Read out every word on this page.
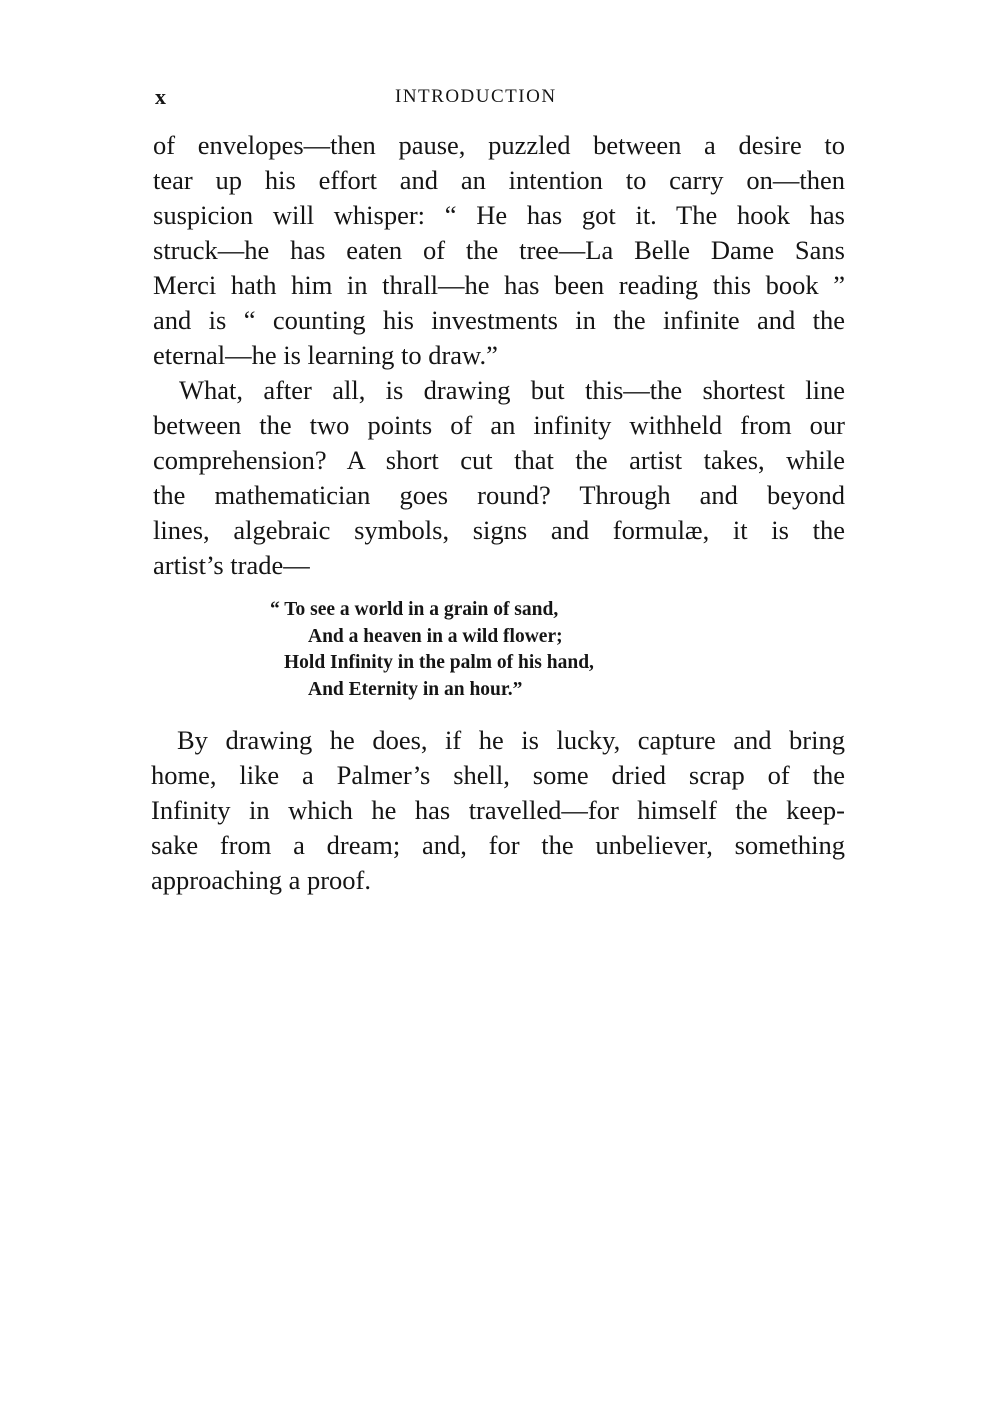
x	INTRODUCTION
of envelopes—then pause, puzzled between a desire to
tear up his effort and an intention to carry on—then
suspicion will whisper: “ He has got it. The hook has
struck—he has eaten of the tree—La Belle Dame Sans
Merci hath him in thrall—he has been reading this book ”
and is “ counting his investments in the infinite and the
eternal—he is learning to draw.”
What, after all, is drawing but this—the shortest line
between the two points of an infinity withheld from our
comprehension? A short cut that the artist takes, while
the mathematician goes round? Through and beyond
lines, algebraic symbols, signs and formulæ, it is the
artist’s trade—
“ To see a world in a grain of sand,
And a heaven in a wild flower;
Hold Infinity in the palm of his hand,
And Eternity in an hour.”
By drawing he does, if he is lucky, capture and bring
home, like a Palmer’s shell, some dried scrap of the
Infinity in which he has travelled—for himself the keep-
sake from a dream; and, for the unbeliever, something
approaching a proof.
